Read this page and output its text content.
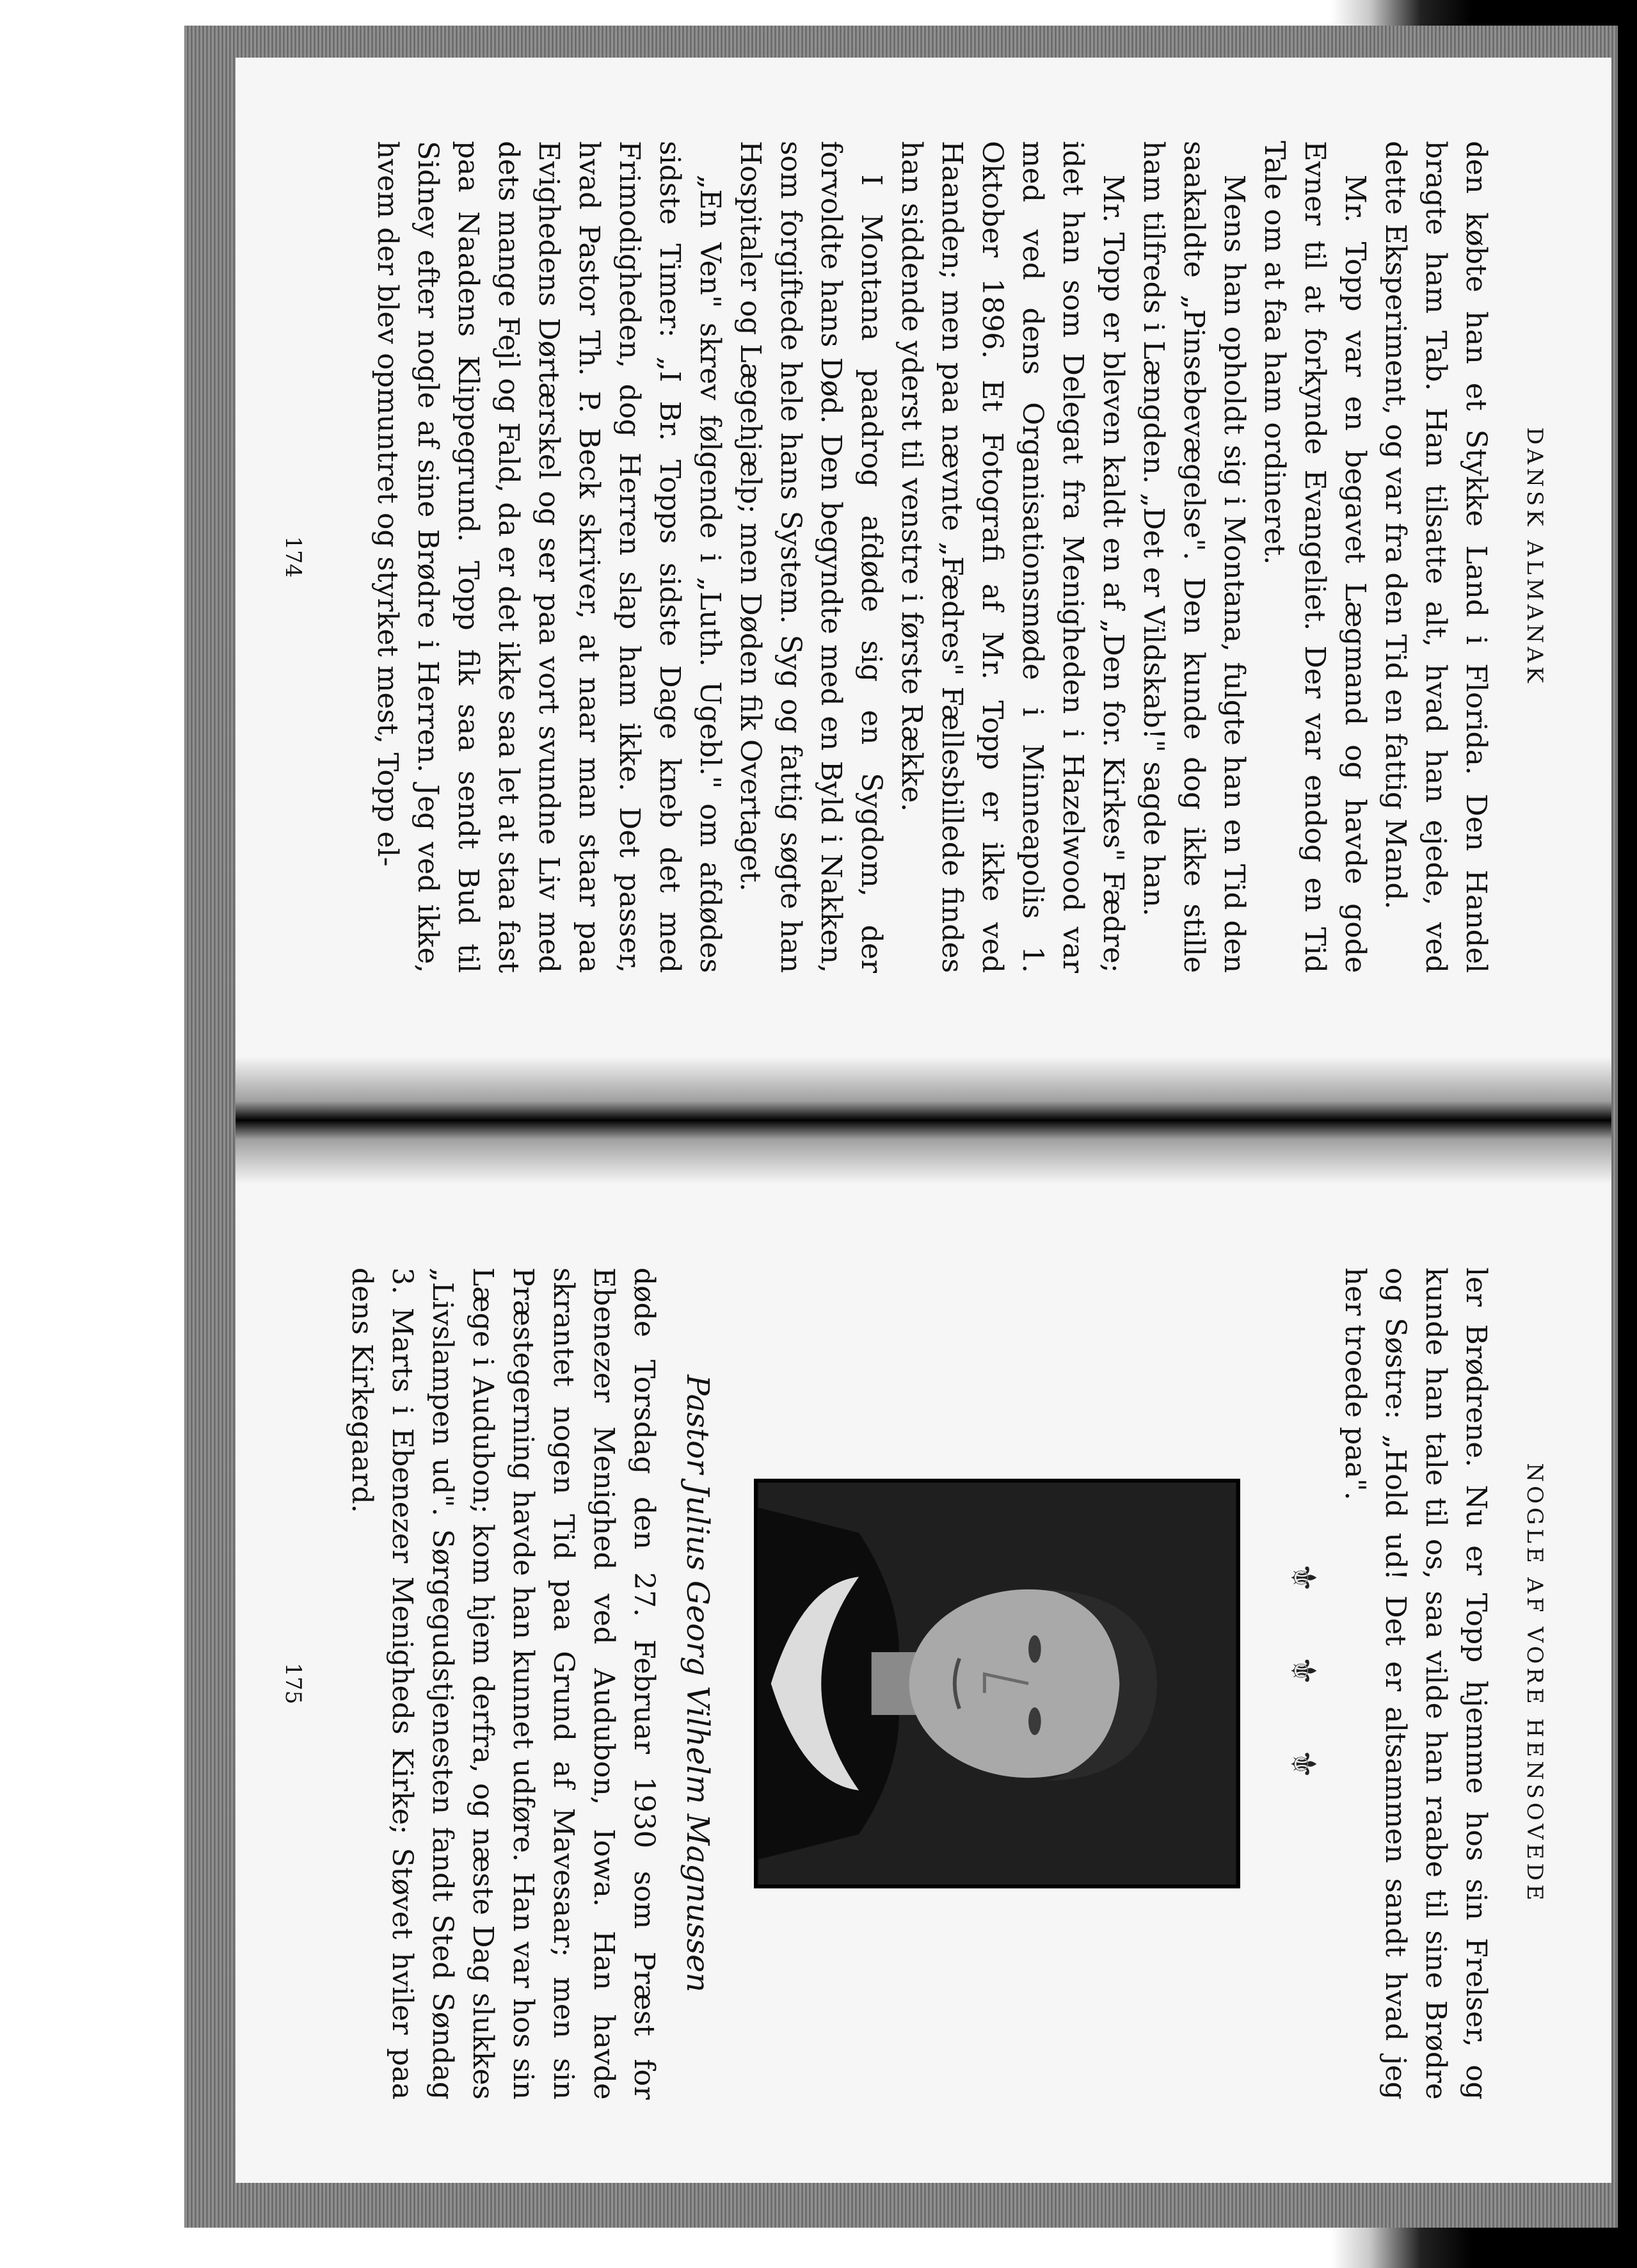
DANSK ALMANAK

den købte han et Stykke Land i Florida. Den Handel bragte ham Tab. Han tilsatte alt, hvad han ejede, ved dette Eksperiment, og var fra den Tid en fattig Mand.

Mr. Topp var en begavet Lægmand og havde gode Evner til at forkynde Evangeliet. Der var endog en Tid Tale om at faa ham ordineret.

Mens han opholdt sig i Montana, fulgte han en Tid den saakaldte „Pinsebevægelse". Den kunde dog ikke stille ham tilfreds i Længden. „Det er Vildskab!" sagde han.

Mr. Topp er bleven kaldt en af „Den for. Kirkes" Fædre; idet han som Delegat fra Menigheden i Hazelwood var med ved dens Organisationsmøde i Minneapolis 1. Oktober 1896. Et Fotografi af Mr. Topp er ikke ved Haanden; men paa nævnte „Fædres" Fællesbillede findes han siddende yderst til venstre i første Række.

I Montana paadrog afdøde sig en Sygdom, der forvoldte hans Død. Den begyndte med en Byld i Nakken, som forgiftede hele hans System. Syg og fattig søgte han Hospitaler og Lægehjælp; men Døden fik Overtaget.

„En Ven" skrev følgende i „Luth. Ugebl." om afdødes sidste Timer: „I Br. Topps sidste Dage kneb det med Frimodigheden, dog Herren slap ham ikke. Det passer, hvad Pastor Th. P. Beck skriver, at naar man staar paa Evighedens Dørtærskel og ser paa vort svundne Liv med dets mange Fejl og Fald, da er det ikke saa let at staa fast paa Naadens Klippegrund. Topp fik saa sendt Bud til Sidney efter nogle af sine Brødre i Herren. Jeg ved ikke, hvem der blev opmuntret og styrket mest, Topp el-

174
NOGLE AF VORE HENSOVEDE

ler Brødrene. Nu er Topp hjemme hos sin Frelser, og kunde han tale til os, saa vilde han raabe til sine Brødre og Søstre: „Hold ud! Det er altsammen sandt hvad jeg her troede paa".

⚜ ⚜ ⚜
Pastor Julius Georg Vilhelm Magnussen

døde Torsdag den 27. Februar 1930 som Præst for Ebenezer Menighed ved Audubon, Iowa. Han havde skrantet nogen Tid paa Grund af Mavesaar; men sin Præstegerning havde han kunnet udføre. Han var hos sin Læge i Audubon; kom hjem derfra, og næste Dag slukkes „Livslampen ud". Sørgegudstjenesten fandt Sted Søndag 3. Marts i Ebenezer Menigheds Kirke; Støvet hviler paa dens Kirkegaard.

175
